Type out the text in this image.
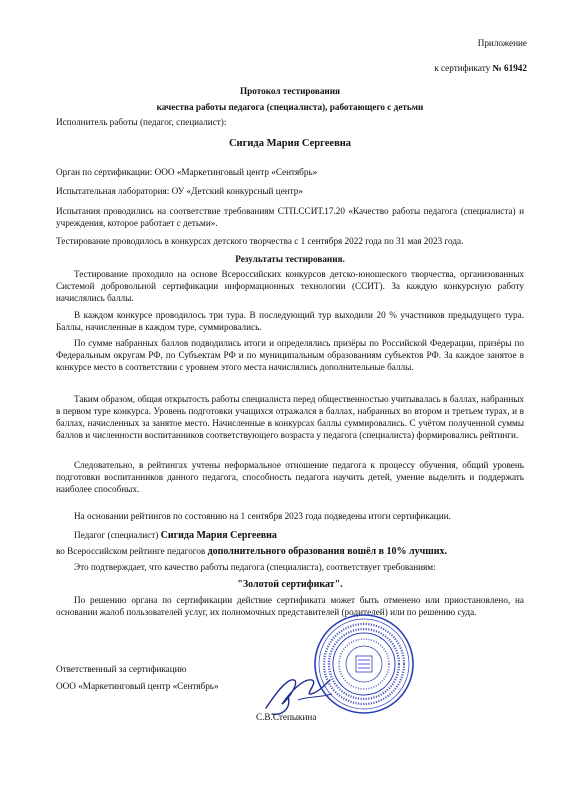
Приложение
к сертификату № 61942
Протокол тестирования
качества работы педагога (специалиста), работающего с детьми
Исполнитель работы (педагог, специалист):
Сигида Мария Сергеевна
Орган по сертификации: ООО «Маркетинговый центр «Сентябрь»
Испытательная лаборатория: ОУ «Детский конкурсный центр»
Испытания проводились на соответствие требованиям СТП.ССИТ.17.20 «Качество работы педагога (специалиста) и учреждения, которое работает с детьми».
Тестирование проводилось в конкурсах детского творчества с 1 сентября 2022 года по 31 мая 2023 года.
Результаты тестирования.
Тестирование проходило на основе Всероссийских конкурсов детско-юношеского творчества, организованных Системой добровольной сертификации информационных технологии (ССИТ). За каждую конкурсную работу начислялись баллы.
В каждом конкурсе проводилось три тура. В последующий тур выходили 20 % участников предыдущего тура. Баллы, начисленные в каждом туре, суммировались.
По сумме набранных баллов подводились итоги и определялись призёры по Российской Федерации, призёры по Федеральным округам РФ, по Субъектам РФ и по муниципальным образованиям субъектов РФ. За каждое занятое в конкурсе место в соответствии с уровнем этого места начислялись дополнительные баллы.
Таким образом, общая открытость работы специалиста перед общественностью учитывалась в баллах, набранных в первом туре конкурса. Уровень подготовки учащихся отражался в баллах, набранных во втором и третьем турах, и в баллах, начисленных за занятое место. Начисленные в конкурсах баллы суммировались. С учётом полученной суммы баллов и численности воспитанников соответствующего возраста у педагога (специалиста) формировались рейтинги.
Следовательно, в рейтингах учтены неформальное отношение педагога к процессу обучения, общий уровень подготовки воспитанников данного педагога, способность педагога научить детей, умение выделить и поддержать наиболее способных.
На основании рейтингов по состоянию на 1 сентября 2023 года подведены итоги сертификации.
Педагог (специалист) Сигида Мария Сергеевна
во Всероссийском рейтинге педагогов дополнительного образования вошёл в 10% лучших.
Это подтверждает, что качество работы педагога (специалиста), соответствует требованиям:
"Золотой сертификат".
По решению органа по сертификации действие сертификата может быть отменено или приостановлено, на основании жалоб пользователей услуг, их полномочных представителей (родителей) или по решению суда.
Ответственный за сертификацию
ООО «Маркетинговый центр «Сентябрь»
С.В.Степыкина
